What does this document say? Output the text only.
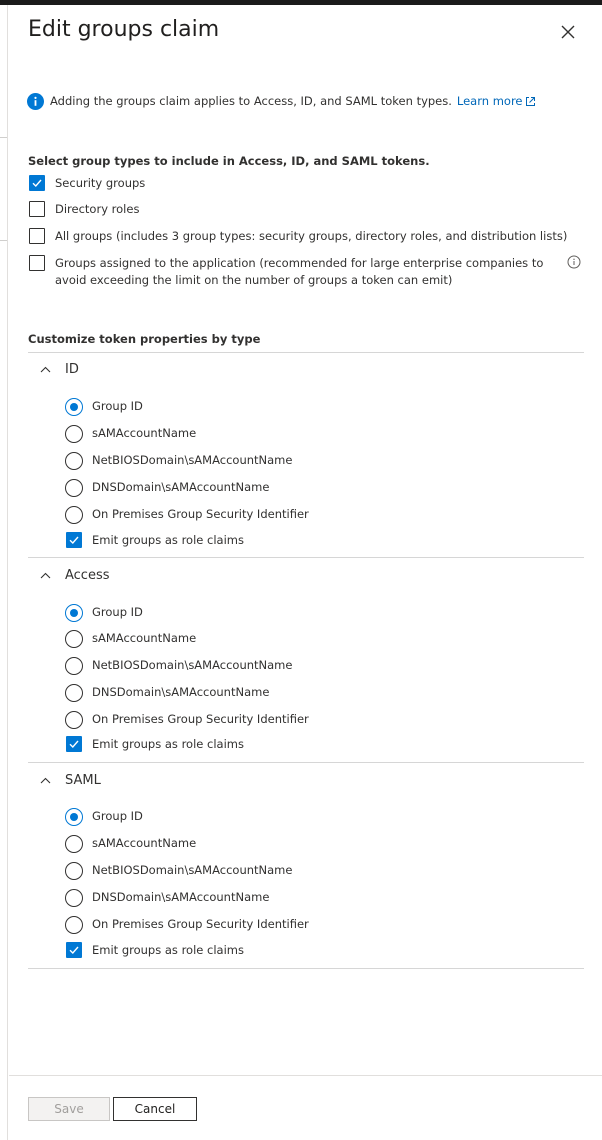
Edit groups claim
Adding the groups claim applies to Access, ID, and SAML token types. Learn more
Select group types to include in Access, ID, and SAML tokens.
Security groups
Directory roles
All groups (includes 3 group types: security groups, directory roles, and distribution lists)
Groups assigned to the application (recommended for large enterprise companies to avoid exceeding the limit on the number of groups a token can emit)
Customize token properties by type
ID
Group ID
sAMAccountName
NetBIOSDomain\sAMAccountName
DNSDomain\sAMAccountName
On Premises Group Security Identifier
Emit groups as role claims
Access
Group ID
sAMAccountName
NetBIOSDomain\sAMAccountName
DNSDomain\sAMAccountName
On Premises Group Security Identifier
Emit groups as role claims
SAML
Group ID
sAMAccountName
NetBIOSDomain\sAMAccountName
DNSDomain\sAMAccountName
On Premises Group Security Identifier
Emit groups as role claims
Save	Cancel
